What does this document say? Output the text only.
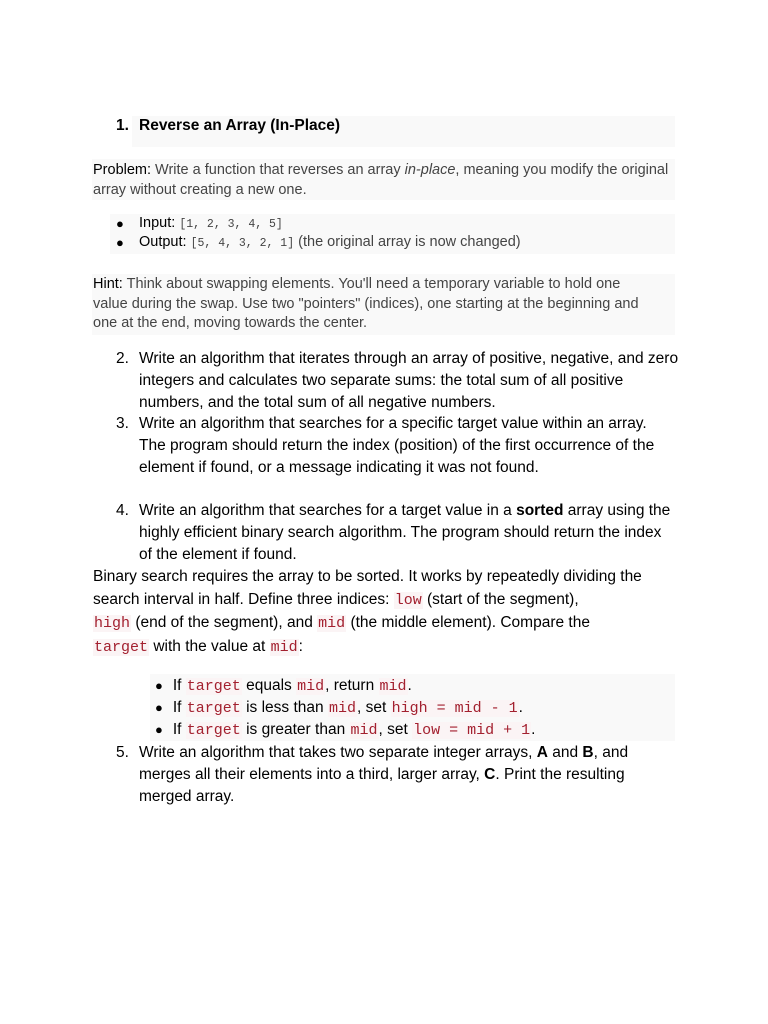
1. Reverse an Array (In-Place)
Problem: Write a function that reverses an array in-place, meaning you modify the original array without creating a new one.
● Input: [1, 2, 3, 4, 5]
● Output: [5, 4, 3, 2, 1] (the original array is now changed)
Hint: Think about swapping elements. You'll need a temporary variable to hold one value during the swap. Use two "pointers" (indices), one starting at the beginning and one at the end, moving towards the center.
2. Write an algorithm that iterates through an array of positive, negative, and zero integers and calculates two separate sums: the total sum of all positive numbers, and the total sum of all negative numbers.
3. Write an algorithm that searches for a specific target value within an array. The program should return the index (position) of the first occurrence of the element if found, or a message indicating it was not found.
4. Write an algorithm that searches for a target value in a sorted array using the highly efficient binary search algorithm. The program should return the index of the element if found.
Binary search requires the array to be sorted. It works by repeatedly dividing the search interval in half. Define three indices: low (start of the segment),
high (end of the segment), and mid (the middle element). Compare the
target with the value at mid:
● If target equals mid, return mid.
● If target is less than mid, set high = mid - 1.
● If target is greater than mid, set low = mid + 1.
5. Write an algorithm that takes two separate integer arrays, A and B, and merges all their elements into a third, larger array, C. Print the resulting merged array.
